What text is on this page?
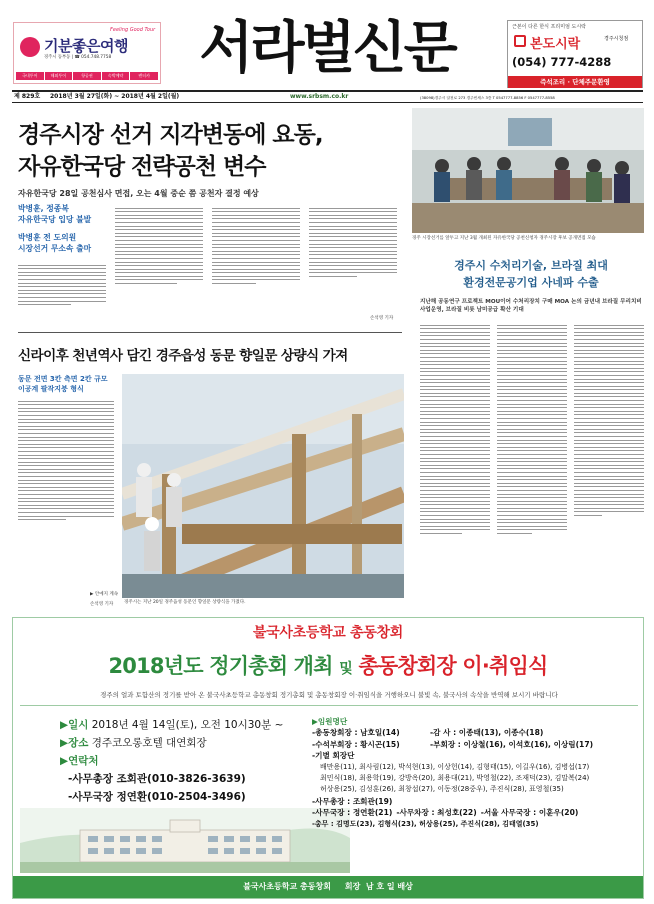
Feeling Good Tour
기분좋은여행
경주시 동부동 | ☎ 054.748.7758
국내투어	해외투어	항공권	숙박예약	렌터카 서라벌신문	근본이 다른 한식 프리미엄 도시락
본도시락	경주시청점
(054) 777-4288
즉석조리 · 단체주문환영
제 829호 2018년 3월 27일(화) ~ 2018년 4월 2일(월)	www.srbsm.co.kr	(38098)경주시 알천로 273 경주빈세스 3층 T 0547777-8856 F 0547777-8558
경주시장 선거 지각변동에 요동,
자유한국당 전략공천 변수
자유한국당 28일 공천심사 면접, 오는 4월 중순 쯤 공천자 결정 예상
박병훈, 정종복
자유한국당 입당 불발
박병훈 전 도의원
시장선거 무소속 출마
손석영 기자
경주 시장선거를 앞두고 지난 3월 개최된 자유한국당 공천신청자 경주시장 후보 공개면접 모습
경주시 수처리기술, 브라질 최대
환경전문공기업 사네파 수출
지난해 공동연구 프로젝트 MOU이어 수처리장치 구매 MOA 논의 금년내 브라질 무리치비 사업운영, 브라질 비롯 남미공급 확산 기대
신라이후 천년역사 담긴 경주읍성 동문 향일문 상량식 가져
동문 전면 3칸 측면 2칸 규모
이공계 팔작지붕 형식
▶ 안예지 계속
손석영 기자 경주시는 지난 20일 경주읍성 동문인 향일문 상량식을 가졌다.
불국사초등학교 총동창회
2018년도 정기총회 개최 및 총동창회장 이·취임식
경주의 얼과 토함산의 정기를 받아 온 불국사초등학교 총동창회 정기총회 및 총동창회장 이·취임식을 거행하오니 불빛 속, 불국사의 속삭을 반역해 보시기 바랍니다
▶일시 2018년 4월 14일(토), 오전 10시30분 ~
▶장소 경주코오롱호텔 대연회장
▶연락처
-사무총장 조회관(010-3826-3639)
-사무국장 정연환(010-2504-3496)
▶임원명단
-총동창회장 : 남호일(14)	-감 사 : 이종태(13), 이종수(18)
-수석부회장 : 황시곤(15)	-부회장 : 이상철(16), 이석호(16), 이상림(17)
-기별 회장단
배만용(11), 최사림(12), 박석현(13), 이상헌(14), 김형태(15), 이길우(16), 김병섭(17)
최민식(18), 최용학(19), 강방옥(20), 최용대(21), 박영철(22), 조재덕(23), 김말복(24)
허상용(25), 김성훈(26), 최창섭(27), 이동정(28중우), 주진식(28), 표영철(35)
-사무총장 : 조회관(19)
-사무국장 : 정연환(21) -사무차장 : 최성호(22) -서울 사무국장 : 이훈우(20)
-총무 : 김명도(23), 김형식(23), 허상용(25), 주진식(28), 김태열(35)
불국사초등학교 총동창회     회장  남 호 일 배상
